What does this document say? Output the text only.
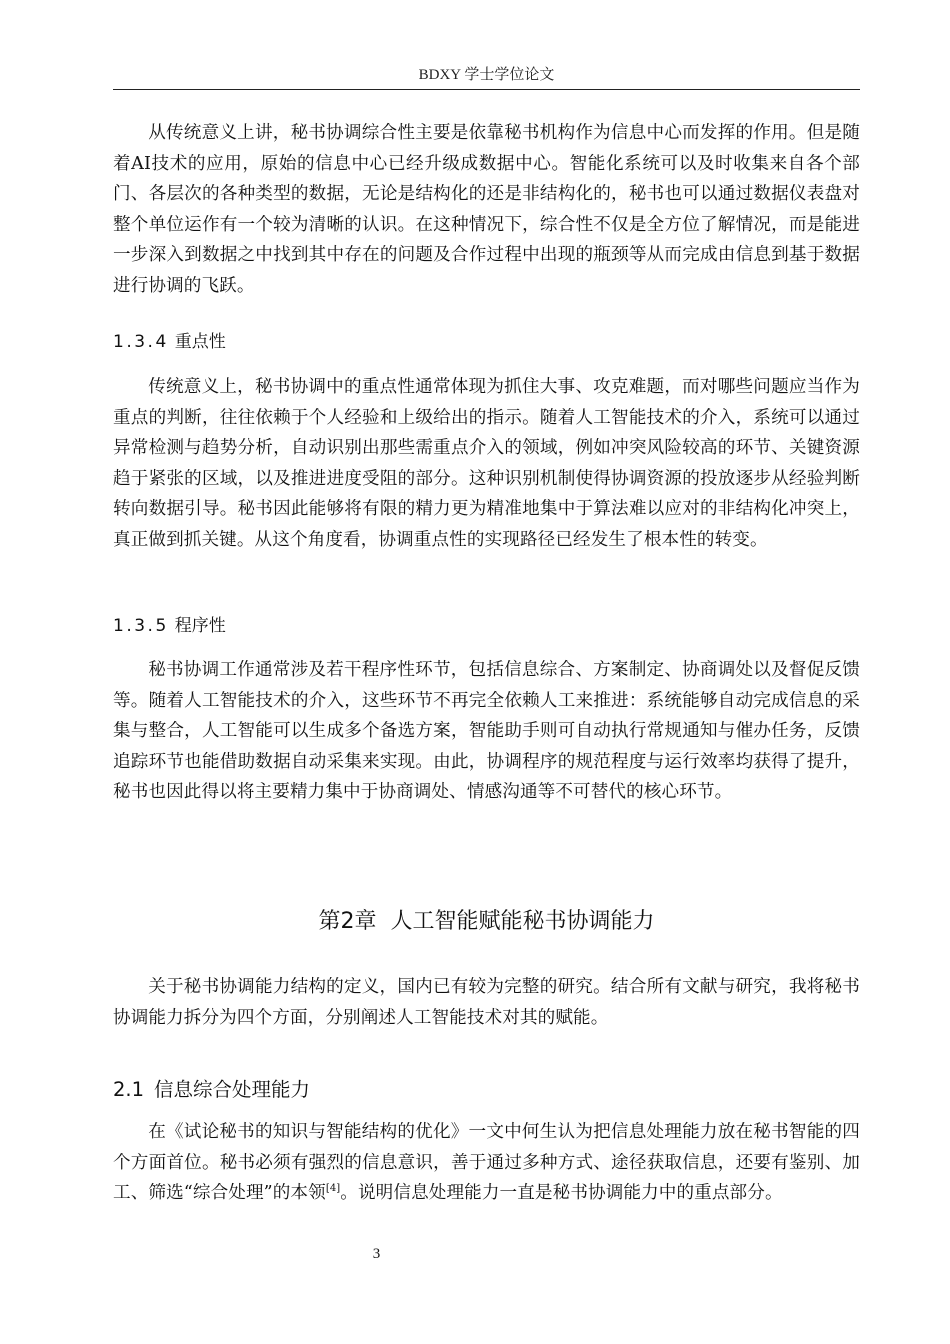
BDXY 学士学位论文

从传统意义上讲，秘书协调综合性主要是依靠秘书机构作为信息中心而发挥的作用。但是随着AI技术的应用，原始的信息中心已经升级成数据中心。智能化系统可以及时收集来自各个部门、各层次的各种类型的数据，无论是结构化的还是非结构化的，秘书也可以通过数据仪表盘对整个单位运作有一个较为清晰的认识。在这种情况下，综合性不仅是全方位了解情况，而是能进一步深入到数据之中找到其中存在的问题及合作过程中出现的瓶颈等从而完成由信息到基于数据进行协调的飞跃。

1.3.4 重点性

传统意义上，秘书协调中的重点性通常体现为抓住大事、攻克难题，而对哪些问题应当作为重点的判断，往往依赖于个人经验和上级给出的指示。随着人工智能技术的介入，系统可以通过异常检测与趋势分析，自动识别出那些需重点介入的领域，例如冲突风险较高的环节、关键资源趋于紧张的区域，以及推进进度受阻的部分。这种识别机制使得协调资源的投放逐步从经验判断转向数据引导。秘书因此能够将有限的精力更为精准地集中于算法难以应对的非结构化冲突上，真正做到抓关键。从这个角度看，协调重点性的实现路径已经发生了根本性的转变。

1.3.5 程序性

秘书协调工作通常涉及若干程序性环节，包括信息综合、方案制定、协商调处以及督促反馈等。随着人工智能技术的介入，这些环节不再完全依赖人工来推进：系统能够自动完成信息的采集与整合，人工智能可以生成多个备选方案，智能助手则可自动执行常规通知与催办任务，反馈追踪环节也能借助数据自动采集来实现。由此，协调程序的规范程度与运行效率均获得了提升，秘书也因此得以将主要精力集中于协商调处、情感沟通等不可替代的核心环节。

第2章 人工智能赋能秘书协调能力

关于秘书协调能力结构的定义，国内已有较为完整的研究。结合所有文献与研究，我将秘书协调能力拆分为四个方面，分别阐述人工智能技术对其的赋能。

2.1 信息综合处理能力

在《试论秘书的知识与智能结构的优化》一文中何生认为把信息处理能力放在秘书智能的四个方面首位。秘书必须有强烈的信息意识，善于通过多种方式、途径获取信息，还要有鉴别、加工、筛选“综合处理”的本领[4]。说明信息处理能力一直是秘书协调能力中的重点部分。

3
